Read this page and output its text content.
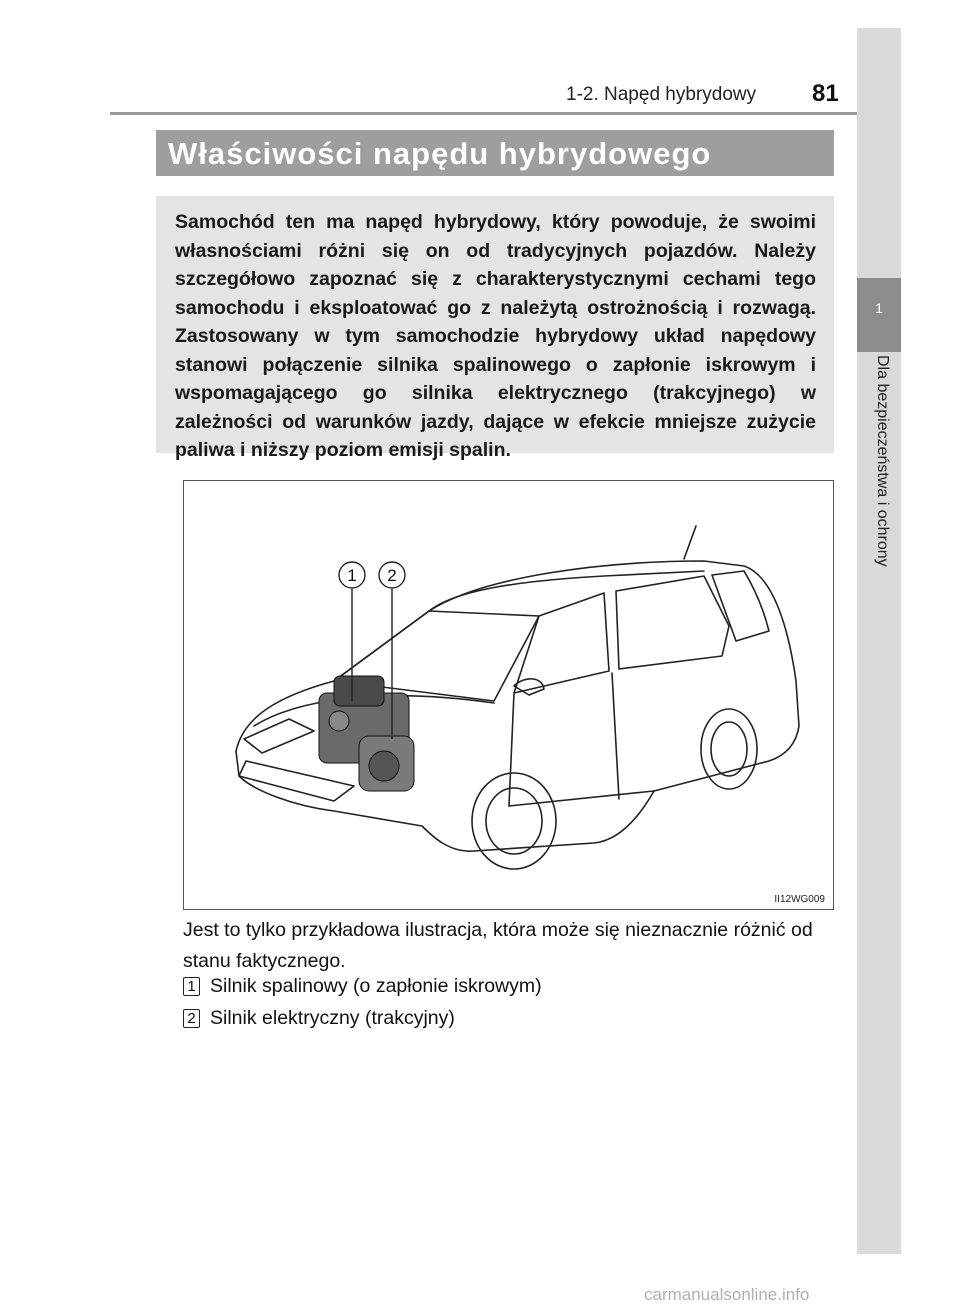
1
Dla bezpieczeństwa i ochrony
1-2. Napęd hybrydowy 81
Właściwości napędu hybrydowego
Samochód ten ma napęd hybrydowy, który powoduje, że swoimi własnościami różni się on od tradycyjnych pojazdów. Należy szczegółowo zapoznać się z charakterystycznymi cechami tego samochodu i eksploatować go z należytą ostrożnością i rozwagą. Zastosowany w tym samochodzie hybrydowy układ napędowy stanowi połączenie silnika spalinowego o zapłonie iskrowym i wspomagającego go silnika elektrycznego (trakcyjnego) w zależności od warunków jazdy, dające w efekcie mniejsze zużycie paliwa i niższy poziom emisji spalin.
1 2
II12WG009
Jest to tylko przykładowa ilustracja, która może się nieznacznie różnić od stanu faktycznego.
1 Silnik spalinowy (o zapłonie iskrowym)
2 Silnik elektryczny (trakcyjny)
carmanualsonline.info
